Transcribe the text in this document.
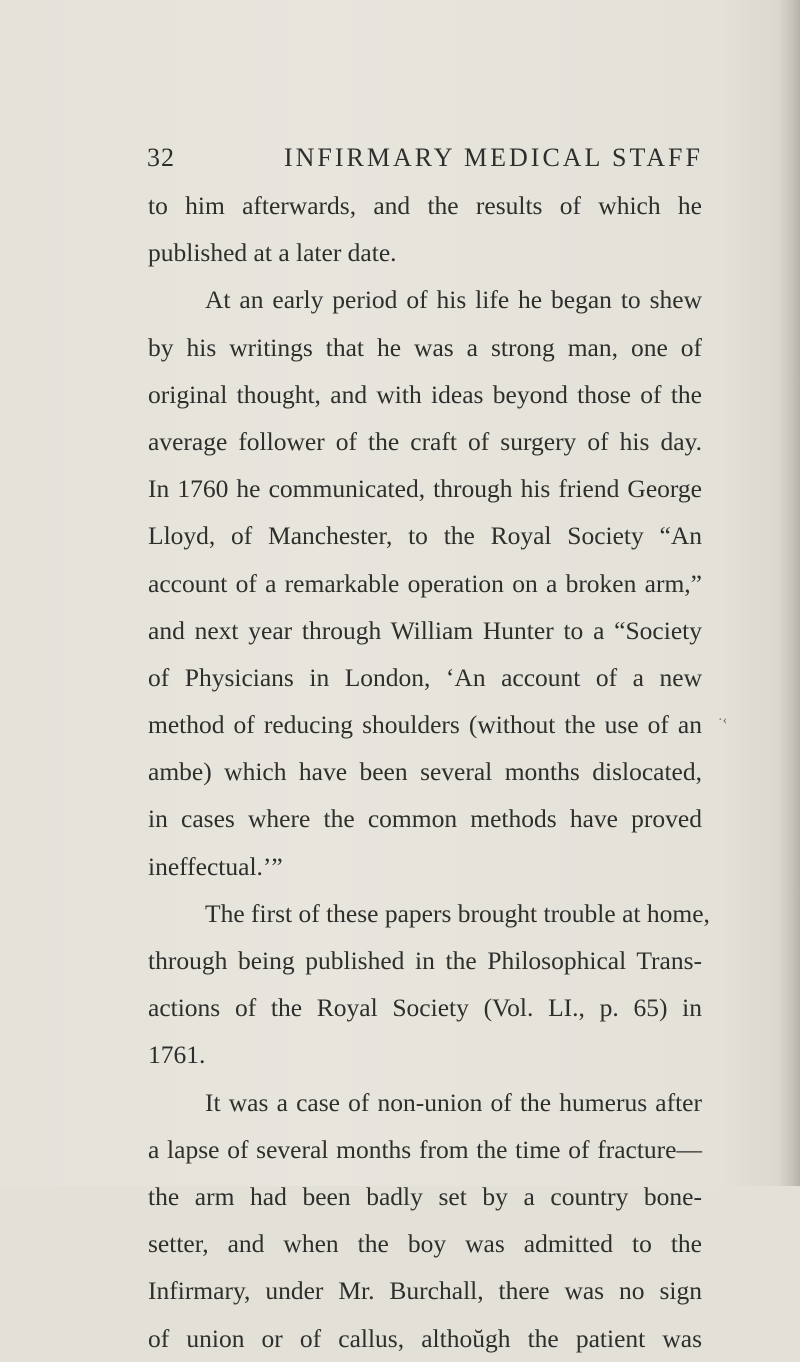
32	INFIRMARY MEDICAL STAFF
to him afterwards, and the results of which he
published at a later date.
At an early period of his life he began to shew
by his writings that he was a strong man, one of
original thought, and with ideas beyond those of the
average follower of the craft of surgery of his day.
In 1760 he communicated, through his friend George
Lloyd, of Manchester, to the Royal Society “An
account of a remarkable operation on a broken arm,”
and next year through William Hunter to a “Society
of Physicians in London, ‘An account of a new
method of reducing shoulders (without the use of an
ambe) which have been several months dislocated,
in cases where the common methods have proved
ineffectual.’”
The first of these papers brought trouble at home,
through being published in the Philosophical Trans-
actions of the Royal Society (Vol. LI., p. 65) in
1761.
It was a case of non-union of the humerus after
a lapse of several months from the time of fracture—
the arm had been badly set by a country bone-
setter, and when the boy was admitted to the
Infirmary, under Mr. Burchall, there was no sign
of union or of callus, althoŭgh the patient was
·‹
